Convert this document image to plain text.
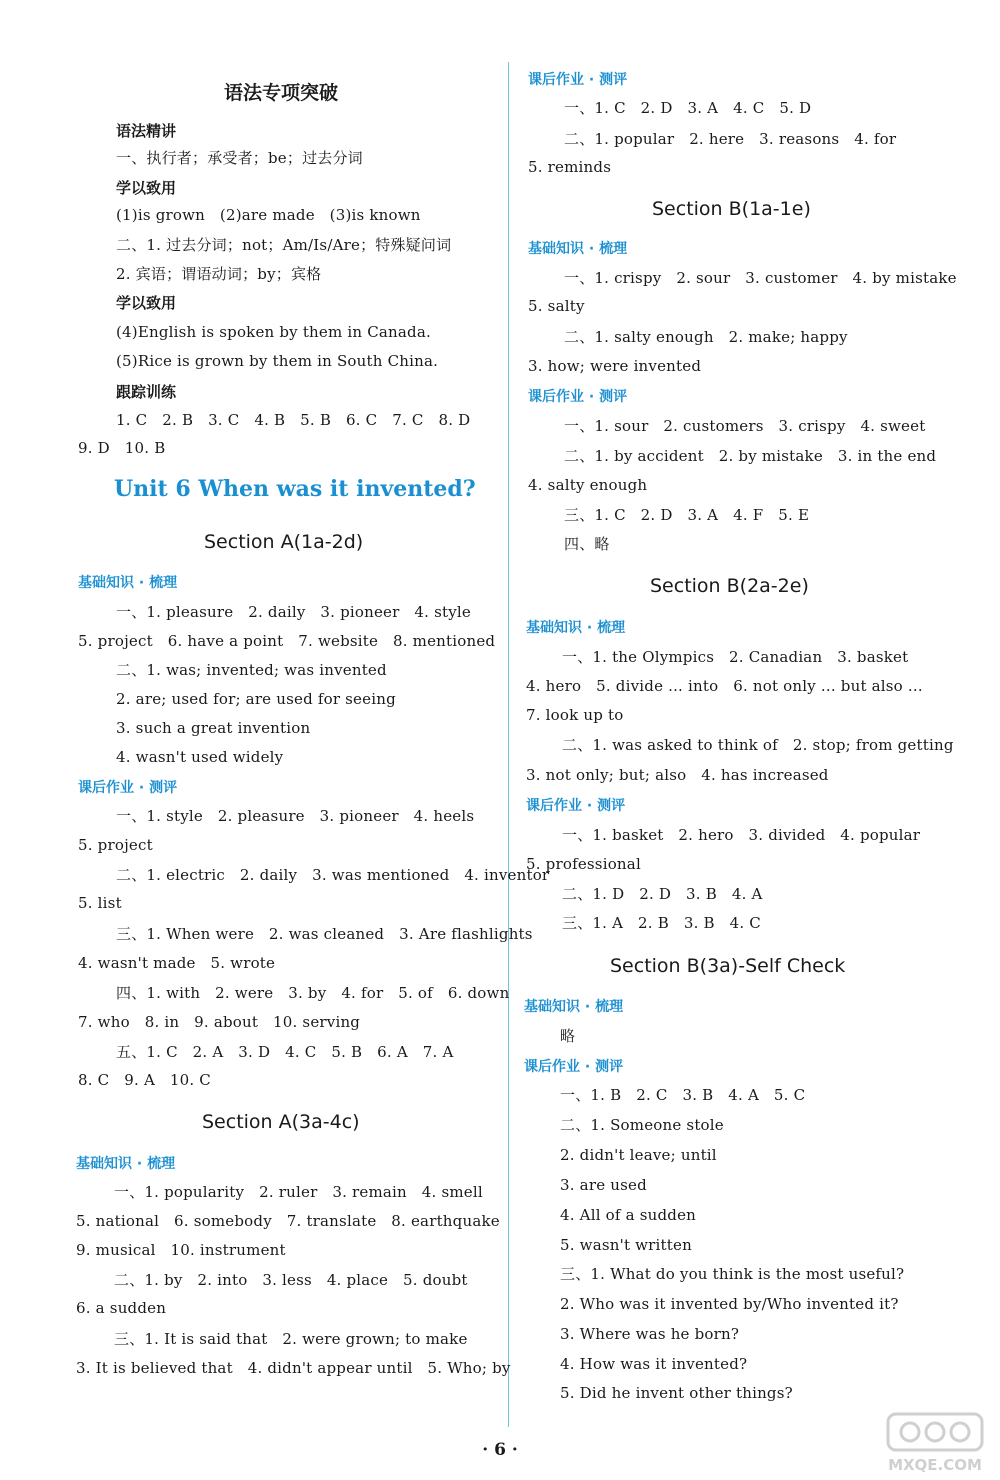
语法专项突破
语法精讲
一、执行者；承受者；be；过去分词
学以致用
(1)is grown   (2)are made   (3)is known
二、1. 过去分词；not；Am/Is/Are；特殊疑问词
2. 宾语；谓语动词；by；宾格
学以致用
(4)English is spoken by them in Canada.
(5)Rice is grown by them in South China.
跟踪训练
1. C   2. B   3. C   4. B   5. B   6. C   7. C   8. D
9. D   10. B
Unit 6 When was it invented?
Section A(1a-2d)
基础知识 · 梳理
一、1. pleasure   2. daily   3. pioneer   4. style
5. project   6. have a point   7. website   8. mentioned
二、1. was; invented; was invented
2. are; used for; are used for seeing
3. such a great invention
4. wasn't used widely
课后作业 · 测评
一、1. style   2. pleasure   3. pioneer   4. heels
5. project
二、1. electric   2. daily   3. was mentioned   4. inventor
5. list
三、1. When were   2. was cleaned   3. Are flashlights
4. wasn't made   5. wrote
四、1. with   2. were   3. by   4. for   5. of   6. down
7. who   8. in   9. about   10. serving
五、1. C   2. A   3. D   4. C   5. B   6. A   7. A
8. C   9. A   10. C
Section A(3a-4c)
基础知识 · 梳理
一、1. popularity   2. ruler   3. remain   4. smell
5. national   6. somebody   7. translate   8. earthquake
9. musical   10. instrument
二、1. by   2. into   3. less   4. place   5. doubt
6. a sudden
三、1. It is said that   2. were grown; to make
3. It is believed that   4. didn't appear until   5. Who; by
课后作业 · 测评
一、1. C   2. D   3. A   4. C   5. D
二、1. popular   2. here   3. reasons   4. for
5. reminds
Section B(1a-1e)
基础知识 · 梳理
一、1. crispy   2. sour   3. customer   4. by mistake
5. salty
二、1. salty enough   2. make; happy
3. how; were invented
课后作业 · 测评
一、1. sour   2. customers   3. crispy   4. sweet
二、1. by accident   2. by mistake   3. in the end
4. salty enough
三、1. C   2. D   3. A   4. F   5. E
四、略
Section B(2a-2e)
基础知识 · 梳理
一、1. the Olympics   2. Canadian   3. basket
4. hero   5. divide ... into   6. not only ... but also ...
7. look up to
二、1. was asked to think of   2. stop; from getting
3. not only; but; also   4. has increased
课后作业 · 测评
一、1. basket   2. hero   3. divided   4. popular
5. professional
二、1. D   2. D   3. B   4. A
三、1. A   2. B   3. B   4. C
Section B(3a)-Self Check
基础知识 · 梳理
略
课后作业 · 测评
一、1. B   2. C   3. B   4. A   5. C
二、1. Someone stole
2. didn't leave; until
3. are used
4. All of a sudden
5. wasn't written
三、1. What do you think is the most useful?
2. Who was it invented by/Who invented it?
3. Where was he born?
4. How was it invented?
5. Did he invent other things?
· 6 ·
MXQE.COM
